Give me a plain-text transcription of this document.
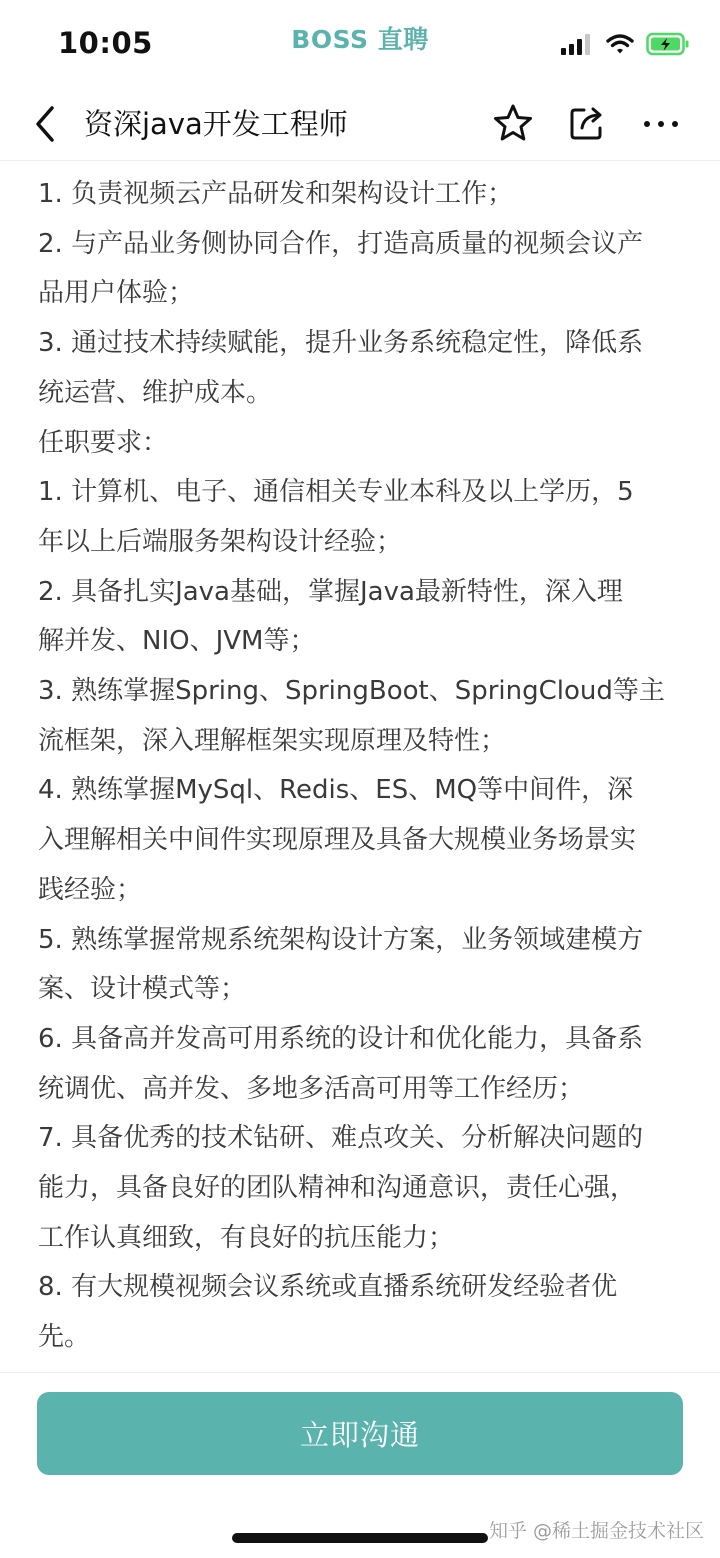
10:05	BOSS 直聘
资深java开发工程师
1. 负责视频云产品研发和架构设计工作；
2. 与产品业务侧协同合作，打造高质量的视频会议产
品用户体验；
3. 通过技术持续赋能，提升业务系统稳定性，降低系
统运营、维护成本。
任职要求：
1. 计算机、电子、通信相关专业本科及以上学历，5
年以上后端服务架构设计经验；
2. 具备扎实Java基础，掌握Java最新特性，深入理
解并发、NIO、JVM等；
3. 熟练掌握Spring、SpringBoot、SpringCloud等主
流框架，深入理解框架实现原理及特性；
4. 熟练掌握MySql、Redis、ES、MQ等中间件，深
入理解相关中间件实现原理及具备大规模业务场景实
践经验；
5. 熟练掌握常规系统架构设计方案，业务领域建模方
案、设计模式等；
6. 具备高并发高可用系统的设计和优化能力，具备系
统调优、高并发、多地多活高可用等工作经历；
7. 具备优秀的技术钻研、难点攻关、分析解决问题的
能力，具备良好的团队精神和沟通意识，责任心强，
工作认真细致，有良好的抗压能力；
8. 有大规模视频会议系统或直播系统研发经验者优
先。
立即沟通
知乎 @稀土掘金技术社区
